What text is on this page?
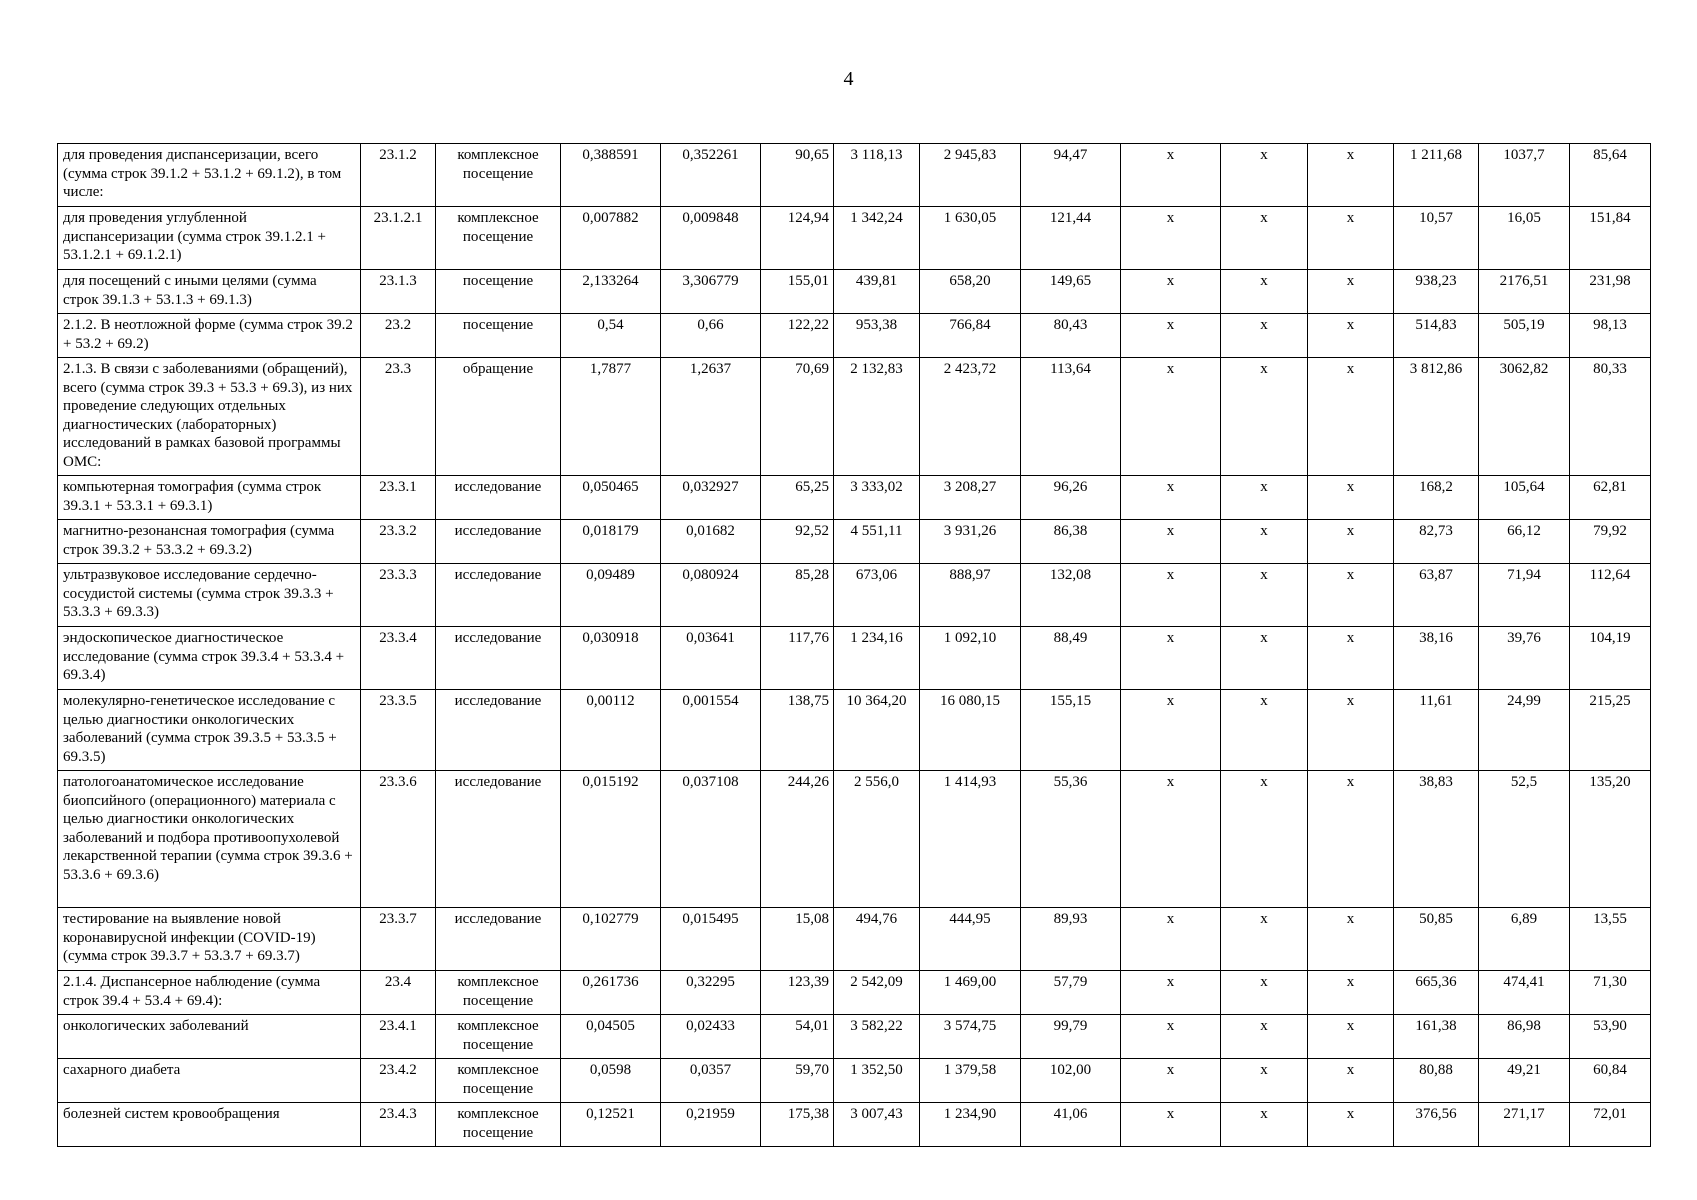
4
для проведения диспансеризации, всего (сумма строк 39.1.2 + 53.1.2 + 69.1.2), в том числе:	23.1.2	комплексное посещение	0,388591	0,352261	90,65	3 118,13	2 945,83	94,47	х	х	х	1 211,68	1037,7	85,64
для проведения углубленной диспансеризации (сумма строк 39.1.2.1 + 53.1.2.1 + 69.1.2.1)	23.1.2.1	комплексное посещение	0,007882	0,009848	124,94	1 342,24	1 630,05	121,44	х	х	х	10,57	16,05	151,84
для посещений с иными целями (сумма строк 39.1.3 + 53.1.3 + 69.1.3)	23.1.3	посещение	2,133264	3,306779	155,01	439,81	658,20	149,65	х	х	х	938,23	2176,51	231,98
2.1.2. В неотложной форме (сумма строк 39.2 + 53.2 + 69.2)	23.2	посещение	0,54	0,66	122,22	953,38	766,84	80,43	х	х	х	514,83	505,19	98,13
2.1.3. В связи с заболеваниями (обращений), всего (сумма строк 39.3 + 53.3 + 69.3), из них проведение следующих отдельных диагностических (лабораторных) исследований в рамках базовой программы ОМС:	23.3	обращение	1,7877	1,2637	70,69	2 132,83	2 423,72	113,64	х	х	х	3 812,86	3062,82	80,33
компьютерная томография (сумма строк 39.3.1 + 53.3.1 + 69.3.1)	23.3.1	исследование	0,050465	0,032927	65,25	3 333,02	3 208,27	96,26	х	х	х	168,2	105,64	62,81
магнитно-резонансная томография (сумма строк 39.3.2 + 53.3.2 + 69.3.2)	23.3.2	исследование	0,018179	0,01682	92,52	4 551,11	3 931,26	86,38	х	х	х	82,73	66,12	79,92
ультразвуковое исследование сердечно-сосудистой системы (сумма строк 39.3.3 + 53.3.3 + 69.3.3)	23.3.3	исследование	0,09489	0,080924	85,28	673,06	888,97	132,08	х	х	х	63,87	71,94	112,64
эндоскопическое диагностическое исследование (сумма строк 39.3.4 + 53.3.4 + 69.3.4)	23.3.4	исследование	0,030918	0,03641	117,76	1 234,16	1 092,10	88,49	х	х	х	38,16	39,76	104,19
молекулярно-генетическое исследование с целью диагностики онкологических заболеваний (сумма строк 39.3.5 + 53.3.5 + 69.3.5)	23.3.5	исследование	0,00112	0,001554	138,75	10 364,20	16 080,15	155,15	х	х	х	11,61	24,99	215,25
патологоанатомическое исследование биопсийного (операционного) материала с целью диагностики онкологических заболеваний и подбора противоопухолевой лекарственной терапии (сумма строк 39.3.6 + 53.3.6 + 69.3.6)	23.3.6	исследование	0,015192	0,037108	244,26	2 556,0	1 414,93	55,36	х	х	х	38,83	52,5	135,20
тестирование на выявление новой коронавирусной инфекции (COVID-19) (сумма строк 39.3.7 + 53.3.7 + 69.3.7)	23.3.7	исследование	0,102779	0,015495	15,08	494,76	444,95	89,93	х	х	х	50,85	6,89	13,55
2.1.4. Диспансерное наблюдение (сумма строк 39.4 + 53.4 + 69.4):	23.4	комплексное посещение	0,261736	0,32295	123,39	2 542,09	1 469,00	57,79	х	х	х	665,36	474,41	71,30
онкологических заболеваний	23.4.1	комплексное посещение	0,04505	0,02433	54,01	3 582,22	3 574,75	99,79	х	х	х	161,38	86,98	53,90
сахарного диабета	23.4.2	комплексное посещение	0,0598	0,0357	59,70	1 352,50	1 379,58	102,00	х	х	х	80,88	49,21	60,84
болезней систем кровообращения	23.4.3	комплексное посещение	0,12521	0,21959	175,38	3 007,43	1 234,90	41,06	х	х	х	376,56	271,17	72,01
